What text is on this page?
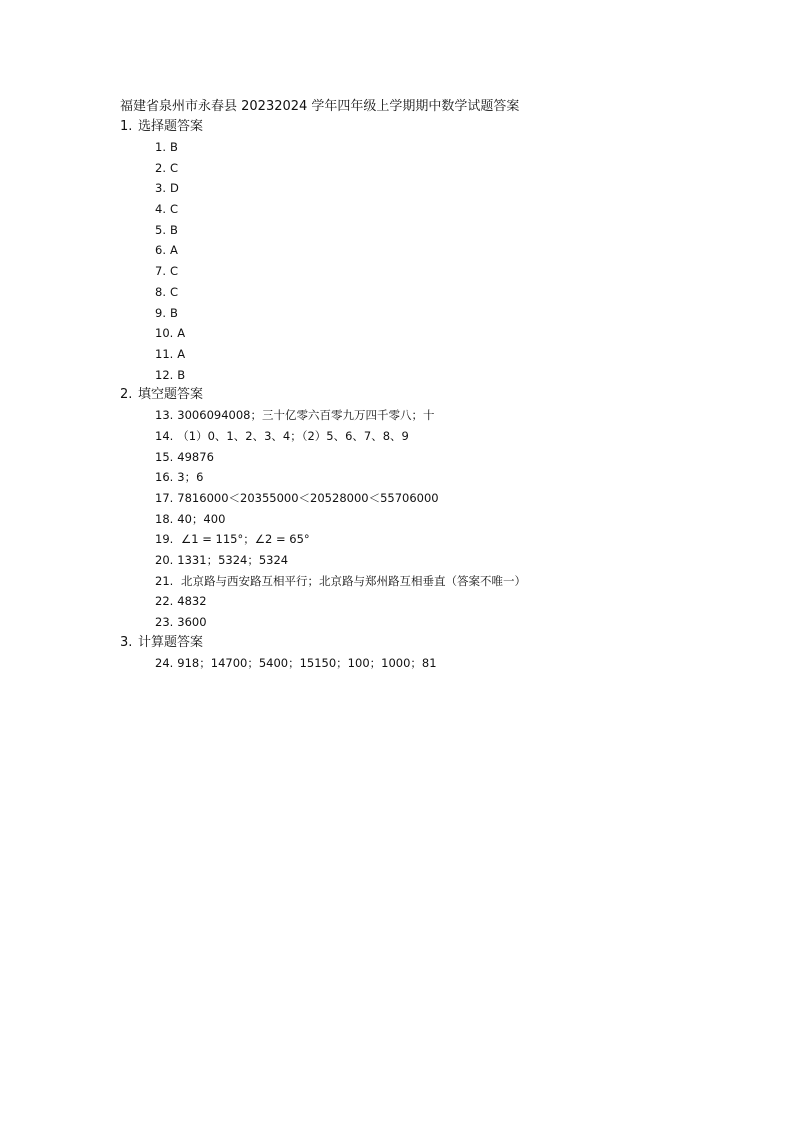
福建省泉州市永春县 20232024 学年四年级上学期期中数学试题答案
1. 选择题答案
1. B
2. C
3. D
4. C
5. B
6. A
7. C
8. C
9. B
10. A
11. A
12. B
2. 填空题答案
13. 3006094008；三十亿零六百零九万四千零八；十
14. （1）0、1、2、3、4；（2）5、6、7、8、9
15. 49876
16. 3；6
17. 7816000＜20355000＜20528000＜55706000
18. 40；400
19. ∠1 = 115°；∠2 = 65°
20. 1331；5324；5324
21. 北京路与西安路互相平行；北京路与郑州路互相垂直（答案不唯一）
22. 4832
23. 3600
3. 计算题答案
24. 918；14700；5400；15150；100；1000；81
